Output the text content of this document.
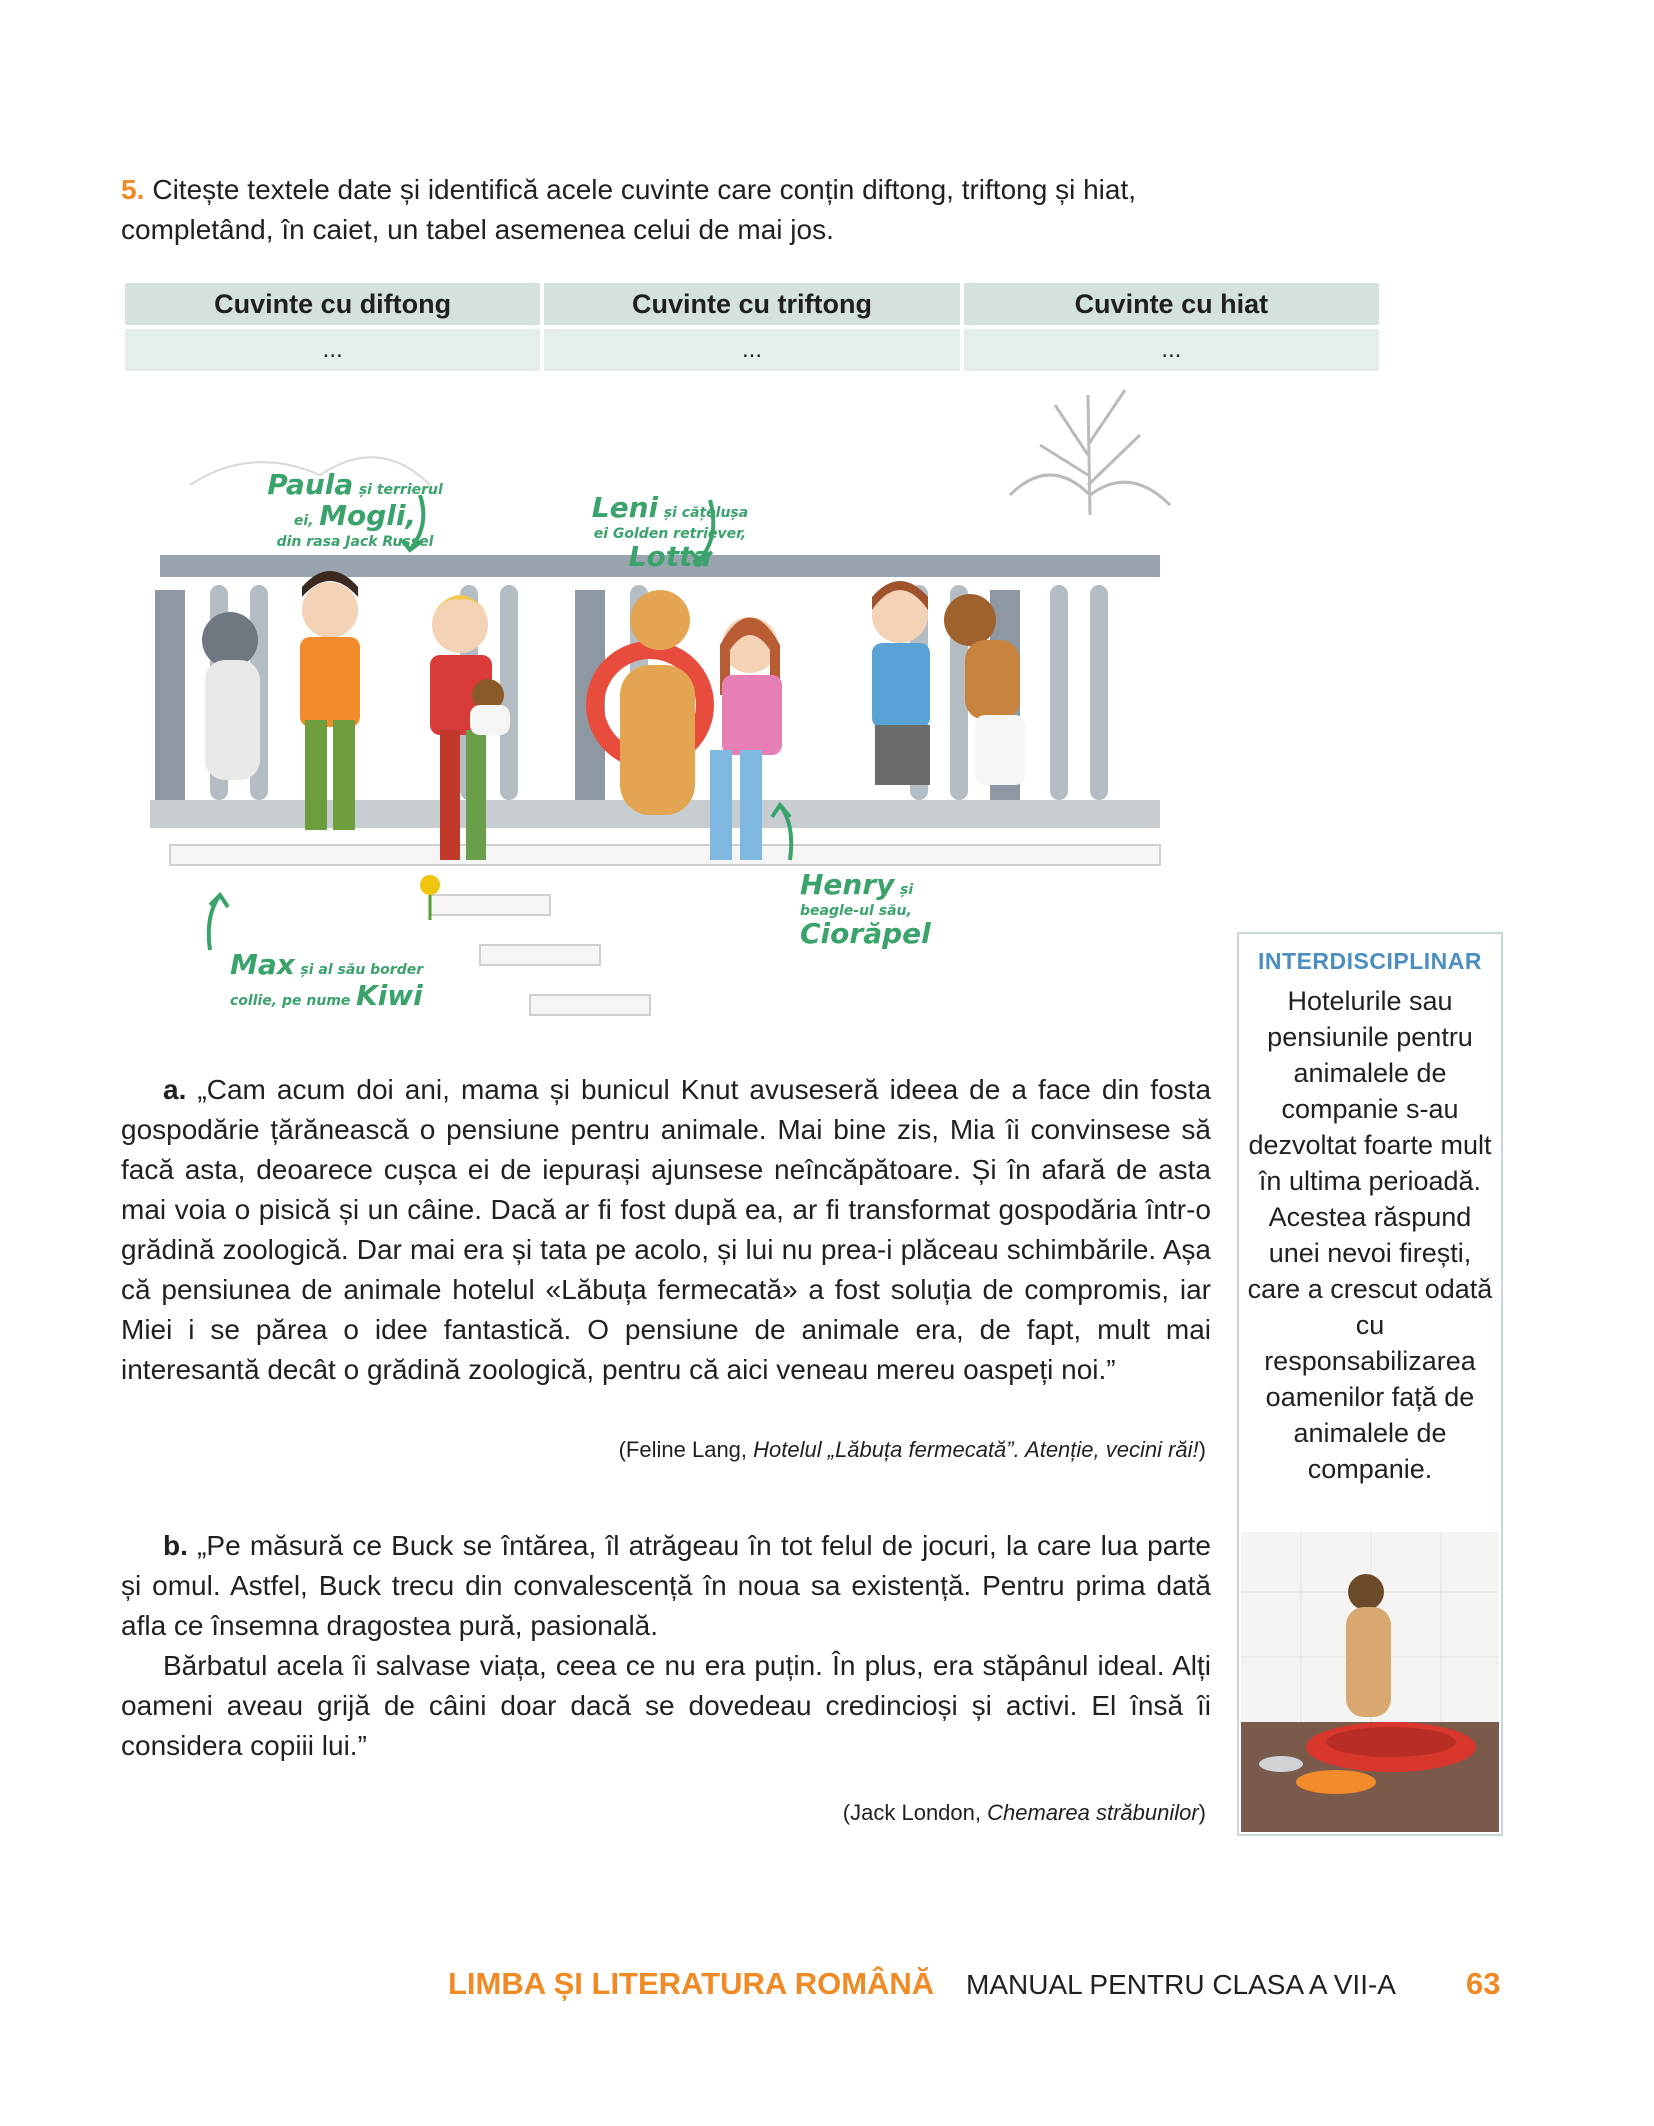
5. Citește textele date și identifică acele cuvinte care conțin diftong, triftong și hiat, completând, în caiet, un tabel asemenea celui de mai jos.
Cuvinte cu diftong	Cuvinte cu triftong	Cuvinte cu hiat
...	...	...
Paula și terrierul
ei, Mogli,
din rasa Jack Russel
Leni și cățelușa
ei Golden retriever,
Lotta
Henry și
beagle-ul său,
Ciorăpel
Max și al său border
collie, pe nume Kiwi

a. „Cam acum doi ani, mama și bunicul Knut avuseseră ideea de a face din fosta gospodărie țărănească o pensiune pentru animale. Mai bine zis, Mia îi convinsese să facă asta, deoarece cușca ei de iepurași ajunsese neîncăpătoare. Și în afară de asta mai voia o pisică și un câine. Dacă ar fi fost după ea, ar fi transformat gospodăria într-o grădină zoologică. Dar mai era și tata pe acolo, și lui nu prea-i plăceau schimbările. Așa că pensiunea de animale hotelul «Lăbuța fermecată» a fost soluția de compromis, iar Miei i se părea o idee fantastică. O pensiune de animale era, de fapt, mult mai interesantă decât o grădină zoologică, pentru că aici veneau mereu oaspeți noi.”

(Feline Lang, Hotelul „Lăbuța fermecată”. Atenție, vecini răi!)

b. „Pe măsură ce Buck se întărea, îl atrăgeau în tot felul de jocuri, la care lua parte și omul. Astfel, Buck trecu din convalescență în noua sa existență. Pentru prima dată afla ce însemna dragostea pură, pasională.

Bărbatul acela îi salvase viața, ceea ce nu era puțin. În plus, era stăpânul ideal. Alți oameni aveau grijă de câini doar dacă se dovedeau credincioși și activi. El însă îi considera copiii lui.”

(Jack London, Chemarea străbunilor)
INTERDISCIPLINAR
Hotelurile sau pensiunile pentru animalele de companie s-au dezvoltat foarte mult în ultima perioadă. Acestea răspund unei nevoi firești, care a crescut odată cu responsabilizarea oamenilor față de animalele de companie.
LIMBA ȘI LITERATURA ROMÂNĂ MANUAL PENTRU CLASA A VII-A 63
